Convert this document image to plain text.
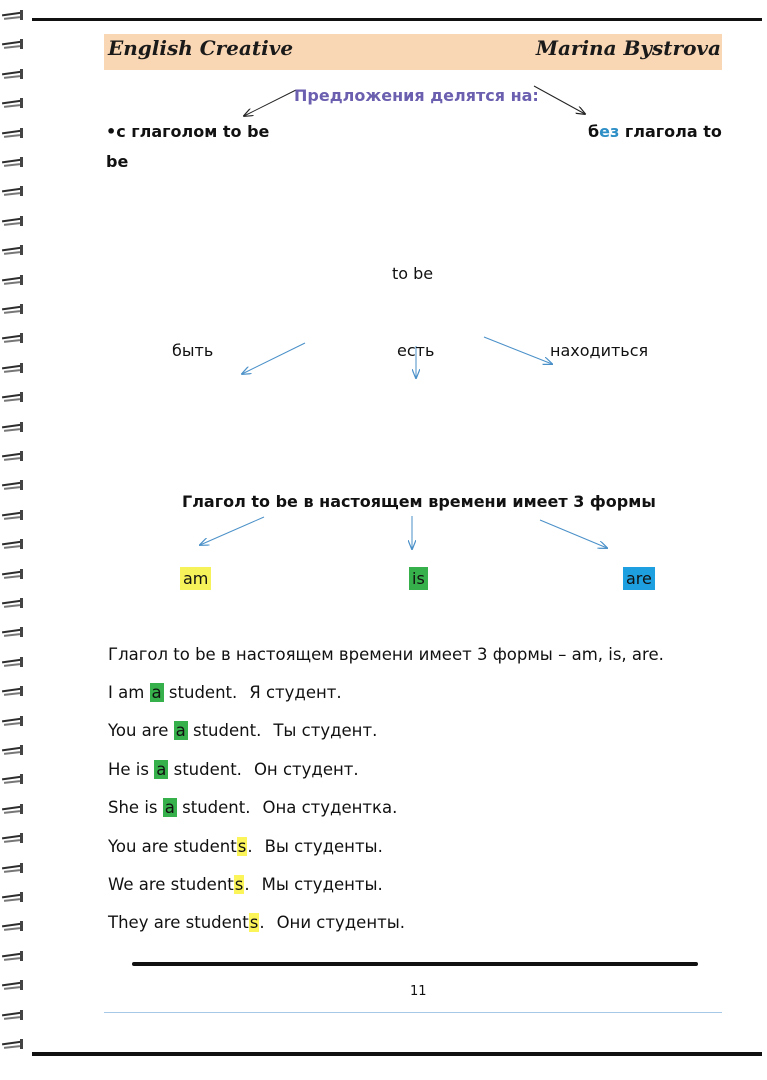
English Creative	Marina Bystrova
Предложения делятся на:
•с глаголом to be
be
без глагола to
to be
быть	есть	находиться
Глагол to be в настоящем времени имеет 3 формы
am	is	are
Глагол to be в настоящем времени имеет 3 формы – am, is, are.
I am a student. Я студент.
You are a student. Ты студент.
He is a student. Он студент.
She is a student. Она студентка.
You are students. Вы студенты.
We are students. Мы студенты.
They are students. Они студенты.
11
